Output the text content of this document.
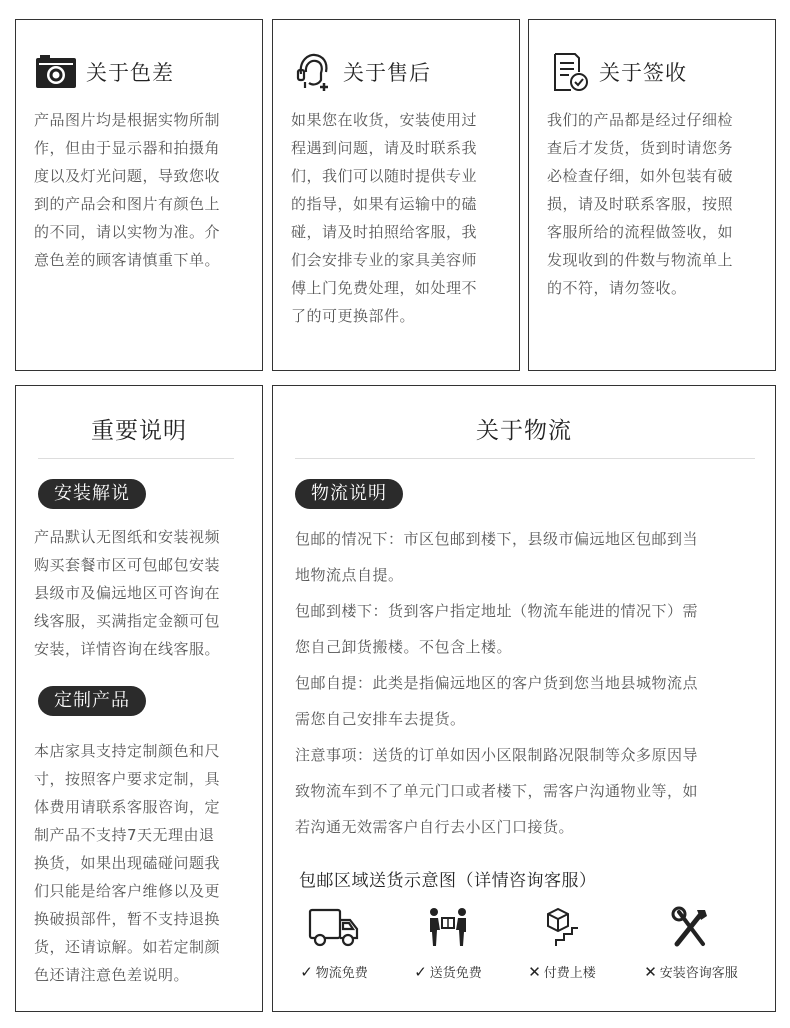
关于色差
产品图片均是根据实物所制
作，但由于显示器和拍摄角
度以及灯光问题，导致您收
到的产品会和图片有颜色上
的不同，请以实物为准。介
意色差的顾客请慎重下单。
关于售后
如果您在收货，安装使用过
程遇到问题，请及时联系我
们，我们可以随时提供专业
的指导，如果有运输中的磕
碰，请及时拍照给客服，我
们会安排专业的家具美容师
傅上门免费处理，如处理不
了的可更换部件。
关于签收
我们的产品都是经过仔细检
查后才发货，货到时请您务
必检查仔细，如外包装有破
损，请及时联系客服，按照
客服所给的流程做签收，如
发现收到的件数与物流单上
的不符，请勿签收。
重要说明
安装解说
产品默认无图纸和安装视频
购买套餐市区可包邮包安装
县级市及偏远地区可咨询在
线客服，买满指定金额可包
安装，详情咨询在线客服。
定制产品
本店家具支持定制颜色和尺
寸，按照客户要求定制，具
体费用请联系客服咨询，定
制产品不支持7天无理由退
换货，如果出现磕碰问题我
们只能是给客户维修以及更
换破损部件，暂不支持退换
货，还请谅解。如若定制颜
色还请注意色差说明。
关于物流
物流说明
包邮的情况下：市区包邮到楼下，县级市偏远地区包邮到当
地物流点自提。
包邮到楼下：货到客户指定地址（物流车能进的情况下）需
您自己卸货搬楼。不包含上楼。
包邮自提：此类是指偏远地区的客户货到您当地县城物流点
需您自己安排车去提货。
注意事项：送货的订单如因小区限制路况限制等众多原因导
致物流车到不了单元门口或者楼下，需客户沟通物业等，如
若沟通无效需客户自行去小区门口接货。
包邮区域送货示意图（详情咨询客服）
✓ 物流免费	✓ 送货免费	✕ 付费上楼	✕ 安装咨询客服
